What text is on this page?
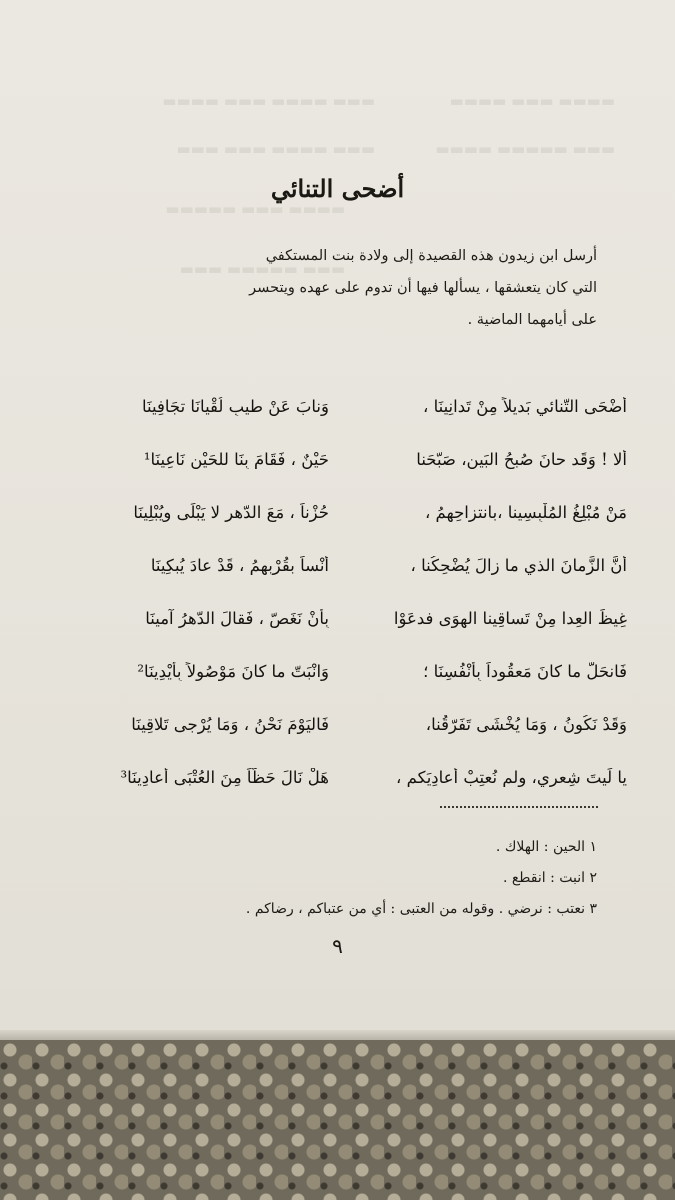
▬▬▬ ▬▬▬▬ ▬▬▬ ▬▬▬▬	▬▬▬▬ ▬▬▬ ▬▬▬▬
▬▬▬ ▬▬▬▬ ▬▬▬ ▬▬▬	▬▬▬ ▬▬▬▬▬ ▬▬▬▬
▬▬▬▬ ▬▬▬ ▬▬▬▬▬
▬▬▬ ▬▬▬▬▬ ▬▬▬
أضحى التنائي
أرسل ابن زيدون هذه القصيدة إلى ولادة بنت المستكفي
التي كان يتعشقها ، يسألها فيها أن تدوم على عهده ويتحسر
على أيامهما الماضية .
أضْحَى التّنائي بَديلاً مِنْ تَدانِينَا ،
وَنابَ عَنْ طيبِ لُقْيانَا تجَافِينَا
ألا ! وَقَد حانَ صُبحُ البَينِ، صَبّحَنا
حَيْنٌ ، فَقَامَ بِنَا للحَيْنِ نَاعِينَا¹
مَنْ مُبْلِغُ المُلْبِسِينا ،بانتزاحِهِمُ ،
حُزْناً ، مَعَ الدّهرِ لا يَبْلَى ويُبْلِينَا
أنَّ الزَّمانَ الذي ما زالَ يُضْحِكُنا ،
أُنْساً بقُرْبِهِمُ ، قَدْ عادَ يُبكِينَا
غِيظَ العِدا مِنْ تَساقِينا الهوَى فدعَوْا
بِأنْ نَغَصّ ، فَقالَ الدّهرُ آمينَا
فَانحَلّ ما كانَ مَعقُوداً بِأنْفُسِنَا ؛
وَانْبَتّ ما كانَ مَوْصُولاً بِأيْدِينَا²
وَقَدْ نَكُونُ ، وَمَا يُخْشَى تَفَرّقُنا،
فَاليَوْمَ نَحْنُ ، وَمَا يُرْجى تَلاقِينَا
يا لَيتَ شِعرِي، ولم نُعتِبْ أعادِيَكم ،
هَلْ نَالَ حَظّاً مِنَ العُتْبَى أعادِينَا³
١ الحين : الهلاك .
٢ انبت : انقطع .
٣ نعتب : نرضي . وقوله من العتبى : أي من عتباكم ، رضاكم .
٩
